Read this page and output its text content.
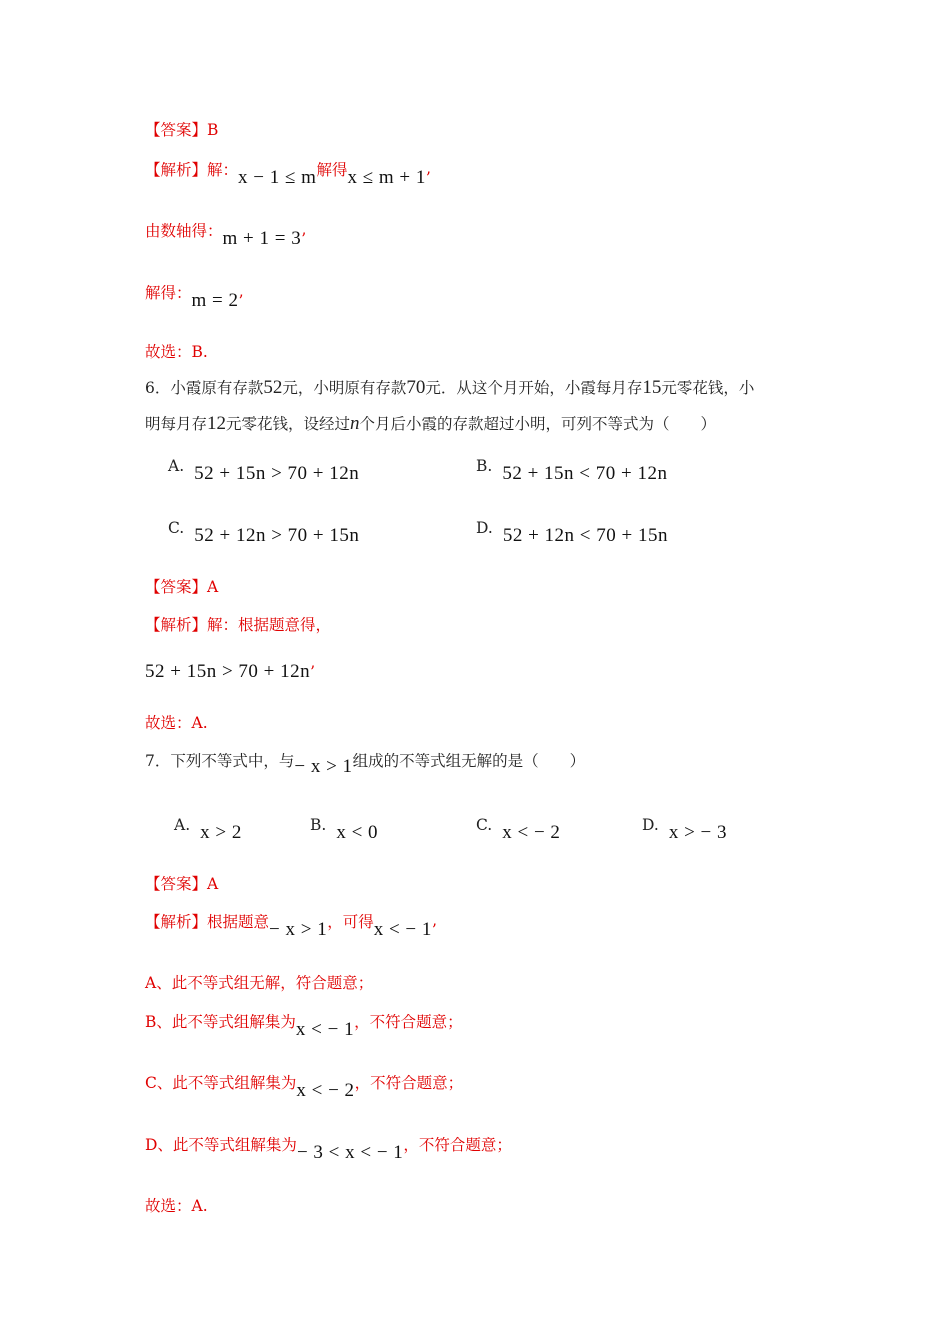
【答案】B
【解析】解：x − 1 ≤ m解得x ≤ m + 1’
由数轴得：m + 1 = 3’
解得：m = 2’
故选：B.
6．小霞原有存款52元，小明原有存款70元．从这个月开始，小霞每月存15元零花钱，小
明每月存12元零花钱，设经过n个月后小霞的存款超过小明，可列不等式为（　　）
A. 52 + 15n > 70 + 12n	B. 52 + 15n < 70 + 12n
C. 52 + 12n > 70 + 15n	D. 52 + 12n < 70 + 15n
【答案】A
【解析】解：根据题意得，
52 + 15n > 70 + 12n’
故选：A.
7．下列不等式中，与− x > 1组成的不等式组无解的是（　　）
A. x > 2	B. x < 0	C. x < − 2	D. x > − 3
【答案】A
【解析】根据题意− x > 1，可得x < − 1’
A、此不等式组无解，符合题意；
B、此不等式组解集为x < − 1，不符合题意；
C、此不等式组解集为x < − 2，不符合题意；
D、此不等式组解集为− 3 < x < − 1，不符合题意；
故选：A.
